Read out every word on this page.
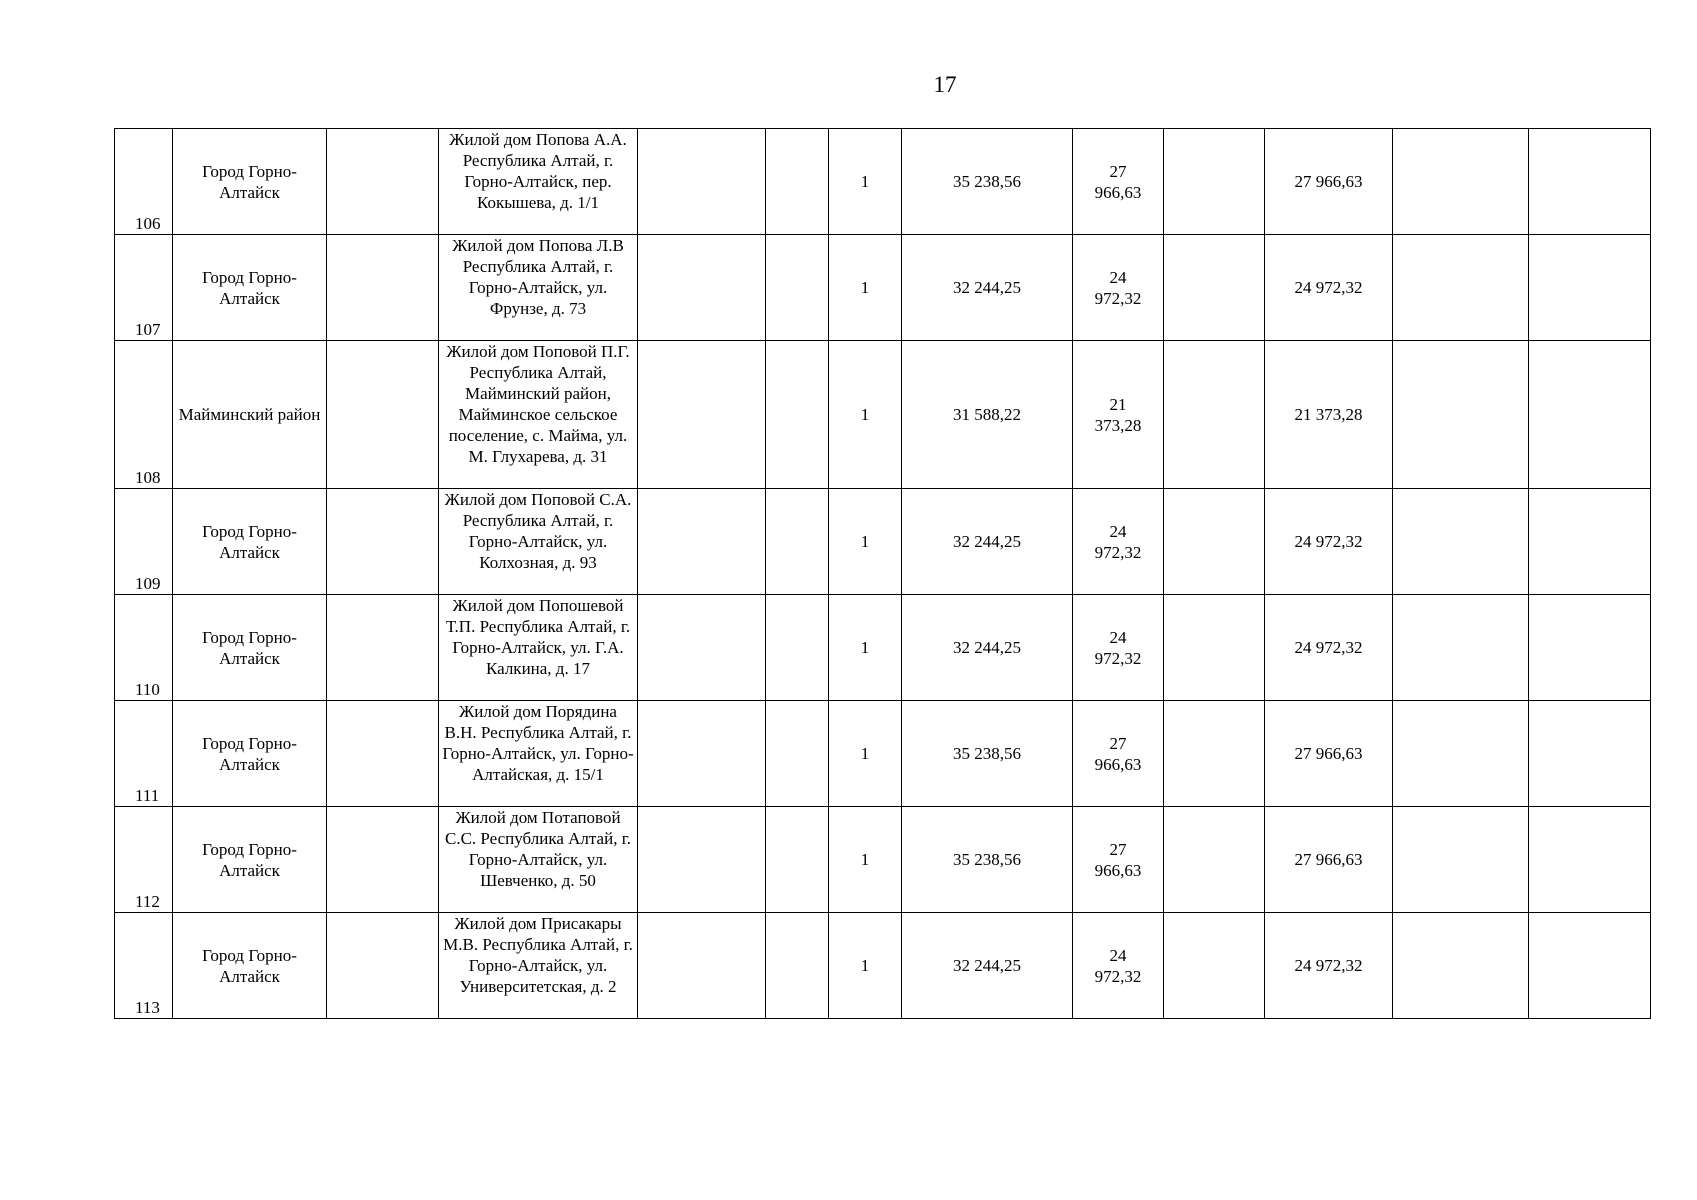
17
106	Город Горно-Алтайск		Жилой дом Попова А.А. Республика Алтай, г. Горно-Алтайск, пер. Кокышева, д. 1/1			1	35 238,56	27 966,63		27 966,63		
107	Город Горно-Алтайск		Жилой дом Попова Л.В Республика Алтай, г. Горно-Алтайск, ул. Фрунзе, д. 73			1	32 244,25	24 972,32		24 972,32		
108	Майминский район		Жилой дом Поповой П.Г. Республика Алтай, Майминский район, Майминское сельское поселение, с. Майма, ул. М. Глухарева, д. 31			1	31 588,22	21 373,28		21 373,28		
109	Город Горно-Алтайск		Жилой дом Поповой С.А. Республика Алтай, г. Горно-Алтайск, ул. Колхозная, д. 93			1	32 244,25	24 972,32		24 972,32		
110	Город Горно-Алтайск		Жилой дом Попошевой Т.П. Республика Алтай, г. Горно-Алтайск, ул. Г.А. Калкина, д. 17			1	32 244,25	24 972,32		24 972,32		
111	Город Горно-Алтайск		Жилой дом Порядина В.Н. Республика Алтай, г. Горно-Алтайск, ул. Горно-Алтайская, д. 15/1			1	35 238,56	27 966,63		27 966,63		
112	Город Горно-Алтайск		Жилой дом Потаповой С.С. Республика Алтай, г. Горно-Алтайск, ул. Шевченко, д. 50			1	35 238,56	27 966,63		27 966,63		
113	Город Горно-Алтайск		Жилой дом Присакары М.В. Республика Алтай, г. Горно-Алтайск, ул. Университетская, д. 2			1	32 244,25	24 972,32		24 972,32		
